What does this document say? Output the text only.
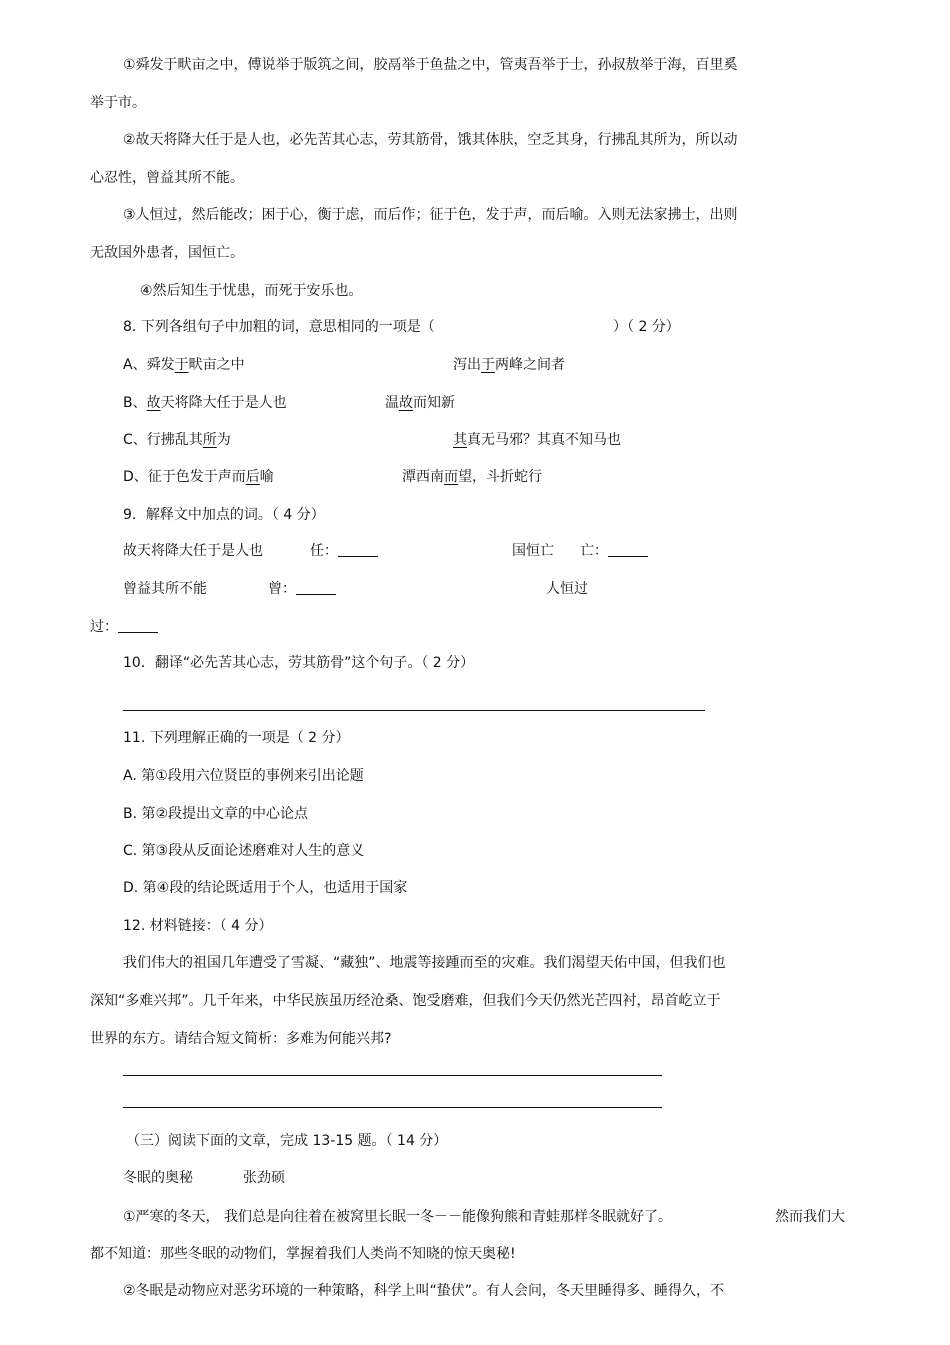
①舜发于畎亩之中，傅说举于版筑之间，胶鬲举于鱼盐之中，管夷吾举于士，孙叔敖举于海，百里奚
举于市。
②故天将降大任于是人也，必先苦其心志，劳其筋骨，饿其体肤，空乏其身，行拂乱其所为，所以动
心忍性，曾益其所不能。
③人恒过，然后能改；困于心，衡于虑，而后作；征于色，发于声，而后喻。入则无法家拂士，出则
无敌国外患者，国恒亡。
④然后知生于忧患，而死于安乐也。
8. 下列各组句子中加粗的词，意思相同的一项是（	）（ 2 分）
A、舜发于畎亩之中	泻出于两峰之间者
B、故天将降大任于是人也	温故而知新
C、行拂乱其所为	其真无马邪？其真不知马也
D、征于色发于声而后喻	潭西南而望，斗折蛇行
9．解释文中加点的词。（ 4 分）
故天将降大任于是人也	任：	国恒亡 亡：
曾益其所不能	曾：	人恒过
过：
10．翻译“必先苦其心志，劳其筋骨”这个句子。（ 2 分）
11. 下列理解正确的一项是（ 2 分）
A. 第①段用六位贤臣的事例来引出论题
B. 第②段提出文章的中心论点
C. 第③段从反面论述磨难对人生的意义
D. 第④段的结论既适用于个人，也适用于国家
12. 材料链接：（ 4 分）
我们伟大的祖国几年遭受了雪凝、“藏独”、地震等接踵而至的灾难。我们渴望天佑中国，但我们也
深知“多难兴邦”。几千年来，中华民族虽历经沧桑、饱受磨难，但我们今天仍然光芒四衬，昂首屹立于
世界的东方。请结合短文简析：多难为何能兴邦?
（三）阅读下面的文章，完成 13-15 题。（ 14 分）
冬眠的奥秘	张劲硕
①严寒的冬天， 我们总是向往着在被窝里长眠一冬－－能像狗熊和青蛙那样冬眠就好了。	然而我们大
都不知道：那些冬眠的动物们，掌握着我们人类尚不知晓的惊天奥秘!
②冬眠是动物应对恶劣环境的一种策略，科学上叫“蛰伏”。有人会问，冬天里睡得多、睡得久，不
